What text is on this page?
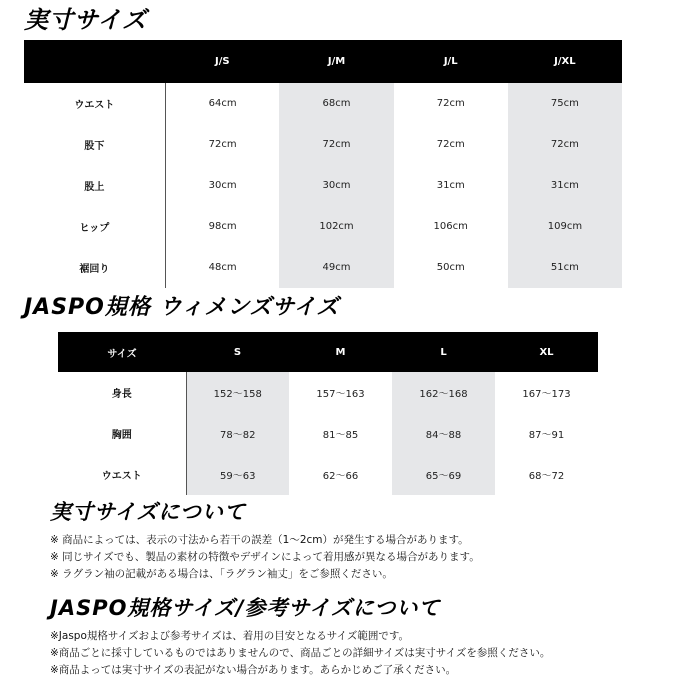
実寸サイズ
	J/S	J/M	J/L	J/XL
ウエスト	64cm	68cm	72cm	75cm
股下	72cm	72cm	72cm	72cm
股上	30cm	30cm	31cm	31cm
ヒップ	98cm	102cm	106cm	109cm
裾回り	48cm	49cm	50cm	51cm
JASPO規格 ウィメンズサイズ
サイズ	S	M	L	XL
身長	152〜158	157〜163	162〜168	167〜173
胸囲	78〜82	81〜85	84〜88	87〜91
ウエスト	59〜63	62〜66	65〜69	68〜72
実寸サイズについて
※ 商品によっては、表示の寸法から若干の誤差（1〜2cm）が発生する場合があります。
※ 同じサイズでも、製品の素材の特徴やデザインによって着用感が異なる場合があります。
※ ラグラン袖の記載がある場合は、「ラグラン袖丈」をご参照ください。
JASPO規格サイズ/参考サイズについて
※Jaspo規格サイズおよび参考サイズは、着用の目安となるサイズ範囲です。
※商品ごとに採寸しているものではありませんので、商品ごとの詳細サイズは実寸サイズを参照ください。
※商品よっては実寸サイズの表記がない場合があります。あらかじめご了承ください。
